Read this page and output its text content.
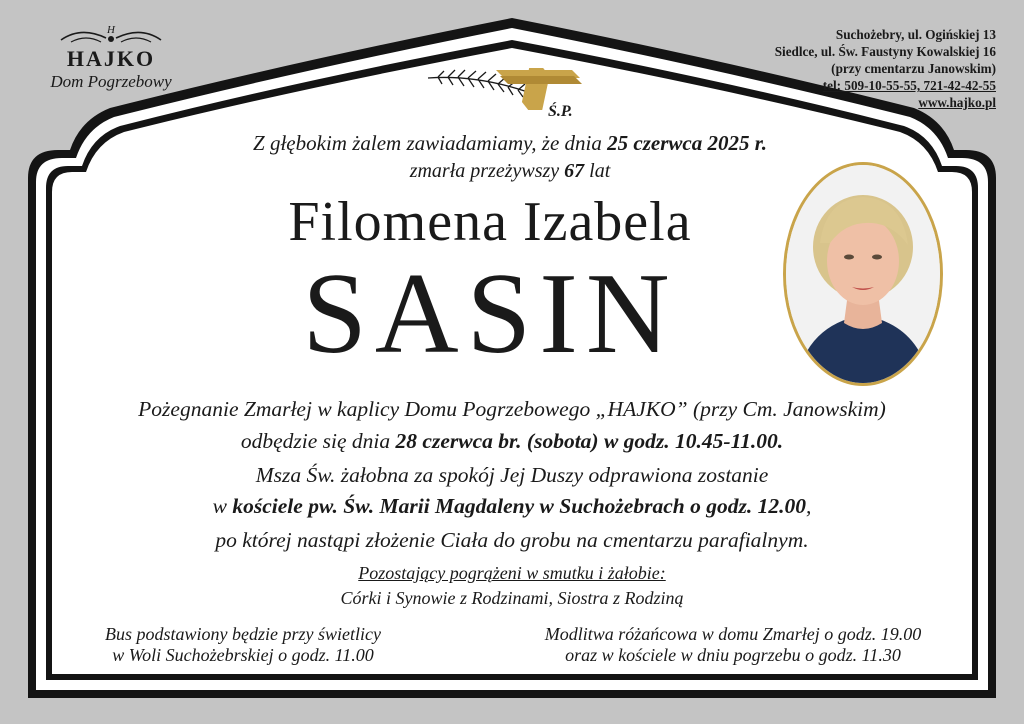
H
HAJKO
Dom Pogrzebowy
Suchożebry, ul. Ogińskiej 13
Siedlce, ul. Św. Faustyny Kowalskiej 16
(przy cmentarzu Janowskim)
tel: 509-10-55-55, 721-42-42-55
www.hajko.pl
Ś.P.
Z głębokim żalem zawiadamiamy, że dnia 25 czerwca 2025 r.
zmarła przeżywszy 67 lat
Filomena Izabela
SASIN
Pożegnanie Zmarłej w kaplicy Domu Pogrzebowego „HAJKO” (przy Cm. Janowskim)
odbędzie się dnia 28 czerwca br. (sobota) w godz. 10.45-11.00.
Msza Św. żałobna za spokój Jej Duszy odprawiona zostanie
w kościele pw. Św. Marii Magdaleny w Suchożebrach o godz. 12.00,
po której nastąpi złożenie Ciała do grobu na cmentarzu parafialnym.
Pozostający pogrążeni w smutku i żałobie:
Córki i Synowie z Rodzinami, Siostra z Rodziną
Bus podstawiony będzie przy świetlicy
w Woli Suchożebrskiej o godz. 11.00
Modlitwa różańcowa w domu Zmarłej o godz. 19.00
oraz w kościele w dniu pogrzebu o godz. 11.30
